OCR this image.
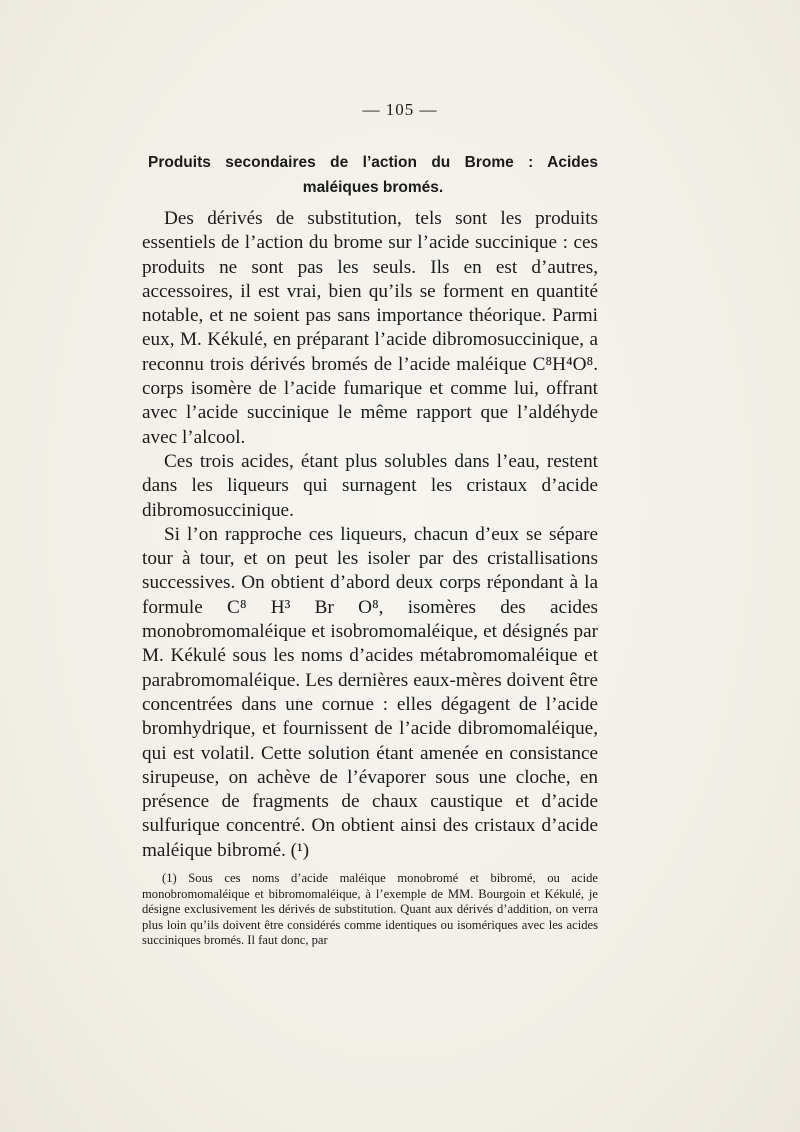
— 105 —
Produits secondaires de l’action du Brome : Acides maléiques bromés.

Des dérivés de substitution, tels sont les produits essentiels de l’action du brome sur l’acide succinique : ces produits ne sont pas les seuls. Ils en est d’autres, accessoires, il est vrai, bien qu’ils se forment en quantité notable, et ne soient pas sans importance théorique. Parmi eux, M. Kékulé, en préparant l’acide dibromosuccinique, a reconnu trois dérivés bromés de l’acide maléique C⁸H⁴O⁸. corps isomère de l’acide fumarique et comme lui, offrant avec l’acide succinique le même rapport que l’aldéhyde avec l’alcool.

Ces trois acides, étant plus solubles dans l’eau, restent dans les liqueurs qui surnagent les cristaux d’acide dibromosuccinique.

Si l’on rapproche ces liqueurs, chacun d’eux se sépare tour à tour, et on peut les isoler par des cristallisations successives. On obtient d’abord deux corps répondant à la formule C⁸ H³ Br O⁸, isomères des acides monobromomaléique et isobromomaléique, et désignés par M. Kékulé sous les noms d’acides métabromomaléique et parabromomaléique. Les dernières eaux-mères doivent être concentrées dans une cornue : elles dégagent de l’acide bromhydrique, et fournissent de l’acide dibromomaléique, qui est volatil. Cette solution étant amenée en consistance sirupeuse, on achève de l’évaporer sous une cloche, en présence de fragments de chaux caustique et d’acide sulfurique concentré. On obtient ainsi des cristaux d’acide maléique bibromé. (¹)

(1) Sous ces noms d’acide maléique monobromé et bibromé, ou acide monobromomaléique et bibromomaléique, à l’exemple de MM. Bourgoin et Kékulé, je désigne exclusivement les dérivés de substitution. Quant aux dérivés d’addition, on verra plus loin qu’ils doivent être considérés comme identiques ou isomériques avec les acides succiniques bromés. Il faut donc, par
